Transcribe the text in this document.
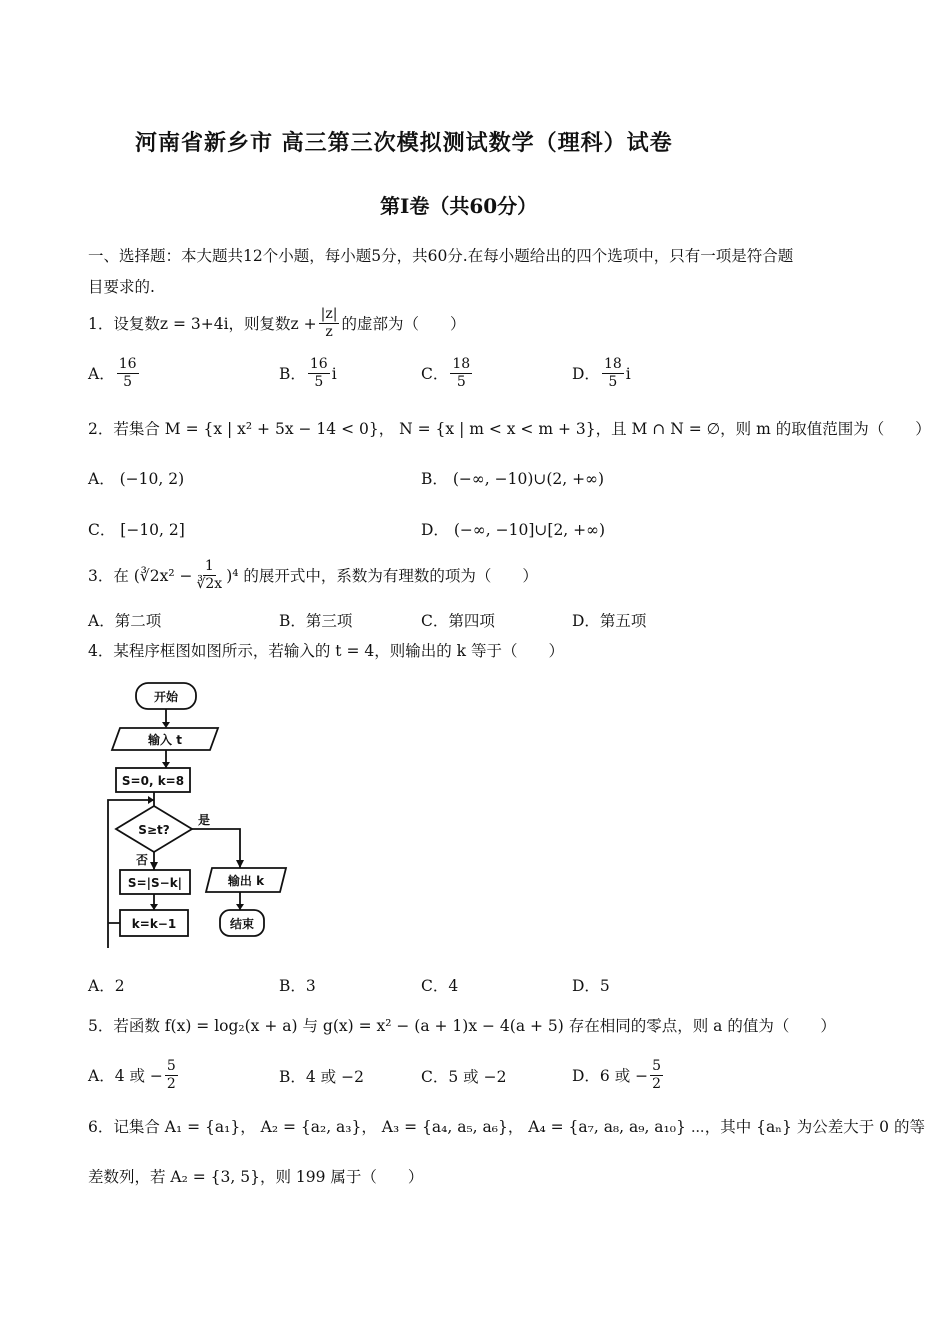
河南省新乡市 高三第三次模拟测试数学（理科）试卷
第Ⅰ卷（共60分）
一、选择题：本大题共12个小题，每小题5分，共60分.在每小题给出的四个选项中，只有一项是符合题
目要求的.
1．设复数z = 3+4i，则复数$z + \frac{|z|}{z}$ 的虚部为（　　）
A． $\frac{16}{5}$	B． $\frac{16}{5}$ i	C． $\frac{18}{5}$	D． $\frac{18}{5}$ i
2．若集合 M = {x | x² + 5x − 14 < 0}， N = {x | m < x < m + 3}，且 M ∩ N = ∅，则 m 的取值范围为（　　）
A． (−10, 2)	B． (−∞, −10)∪(2, +∞)
C． [−10, 2]	D． (−∞, −10]∪[2, +∞)
3．在 (∛2x² − $\frac{1}{∛2x} )^4$ 的展开式中，系数为有理数的项为（　　）
A．第二项	B．第三项	C．第四项	D．第五项
4．某程序框图如图所示，若输入的 t = 4，则输出的 k 等于（　　）
开始
输入 t
S=0, k=8
S≥t?
是
否
S=|S−k|
k=k−1
输出 k
结束
A．2	B．3	C．4	D．5
5．若函数 f(x) = log₂(x + a) 与 g(x) = x² − (a + 1)x − 4(a + 5) 存在相同的零点，则 a 的值为（　　）
A．4 或 − $\frac{5}{2}$	B．4 或 −2	C．5 或 −2	D．6 或 − $\frac{5}{2}$
6．记集合 A₁ = {a₁}， A₂ = {a₂, a₃}， A₃ = {a₄, a₅, a₆}， A₄ = {a₇, a₈, a₉, a₁₀} ⋯，其中 {aₙ} 为公差大于 0 的等
差数列，若 A₂ = {3, 5}，则 199 属于（　　）
